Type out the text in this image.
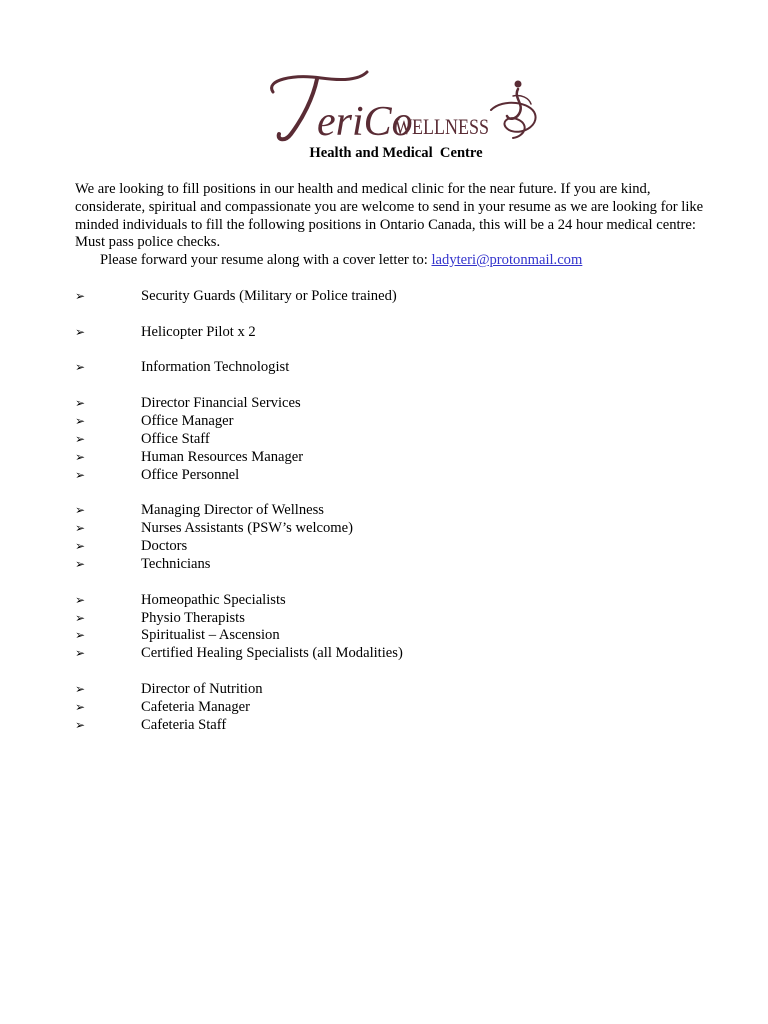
eriCo
WELLNESS
Health and Medical  Centre

We are looking to fill positions in our health and medical clinic for the near future. If you are kind, considerate, spiritual and compassionate you are welcome to send in your resume as we are looking for like minded individuals to fill the following positions in Ontario Canada, this will be a 24 hour medical centre: Must pass police checks.

Please forward your resume along with a cover letter to: ladyteri@protonmail.com
➢	Security Guards (Military or Police trained)
➢	Helicopter Pilot x 2
➢	Information Technologist
➢	Director Financial Services
➢	Office Manager
➢	Office Staff
➢	Human Resources Manager
➢	Office Personnel
➢	Managing Director of Wellness
➢	Nurses Assistants (PSW’s welcome)
➢	Doctors
➢	Technicians
➢	Homeopathic Specialists
➢	Physio Therapists
➢	Spiritualist – Ascension
➢	Certified Healing Specialists (all Modalities)
➢	Director of Nutrition
➢	Cafeteria Manager
➢	Cafeteria Staff
